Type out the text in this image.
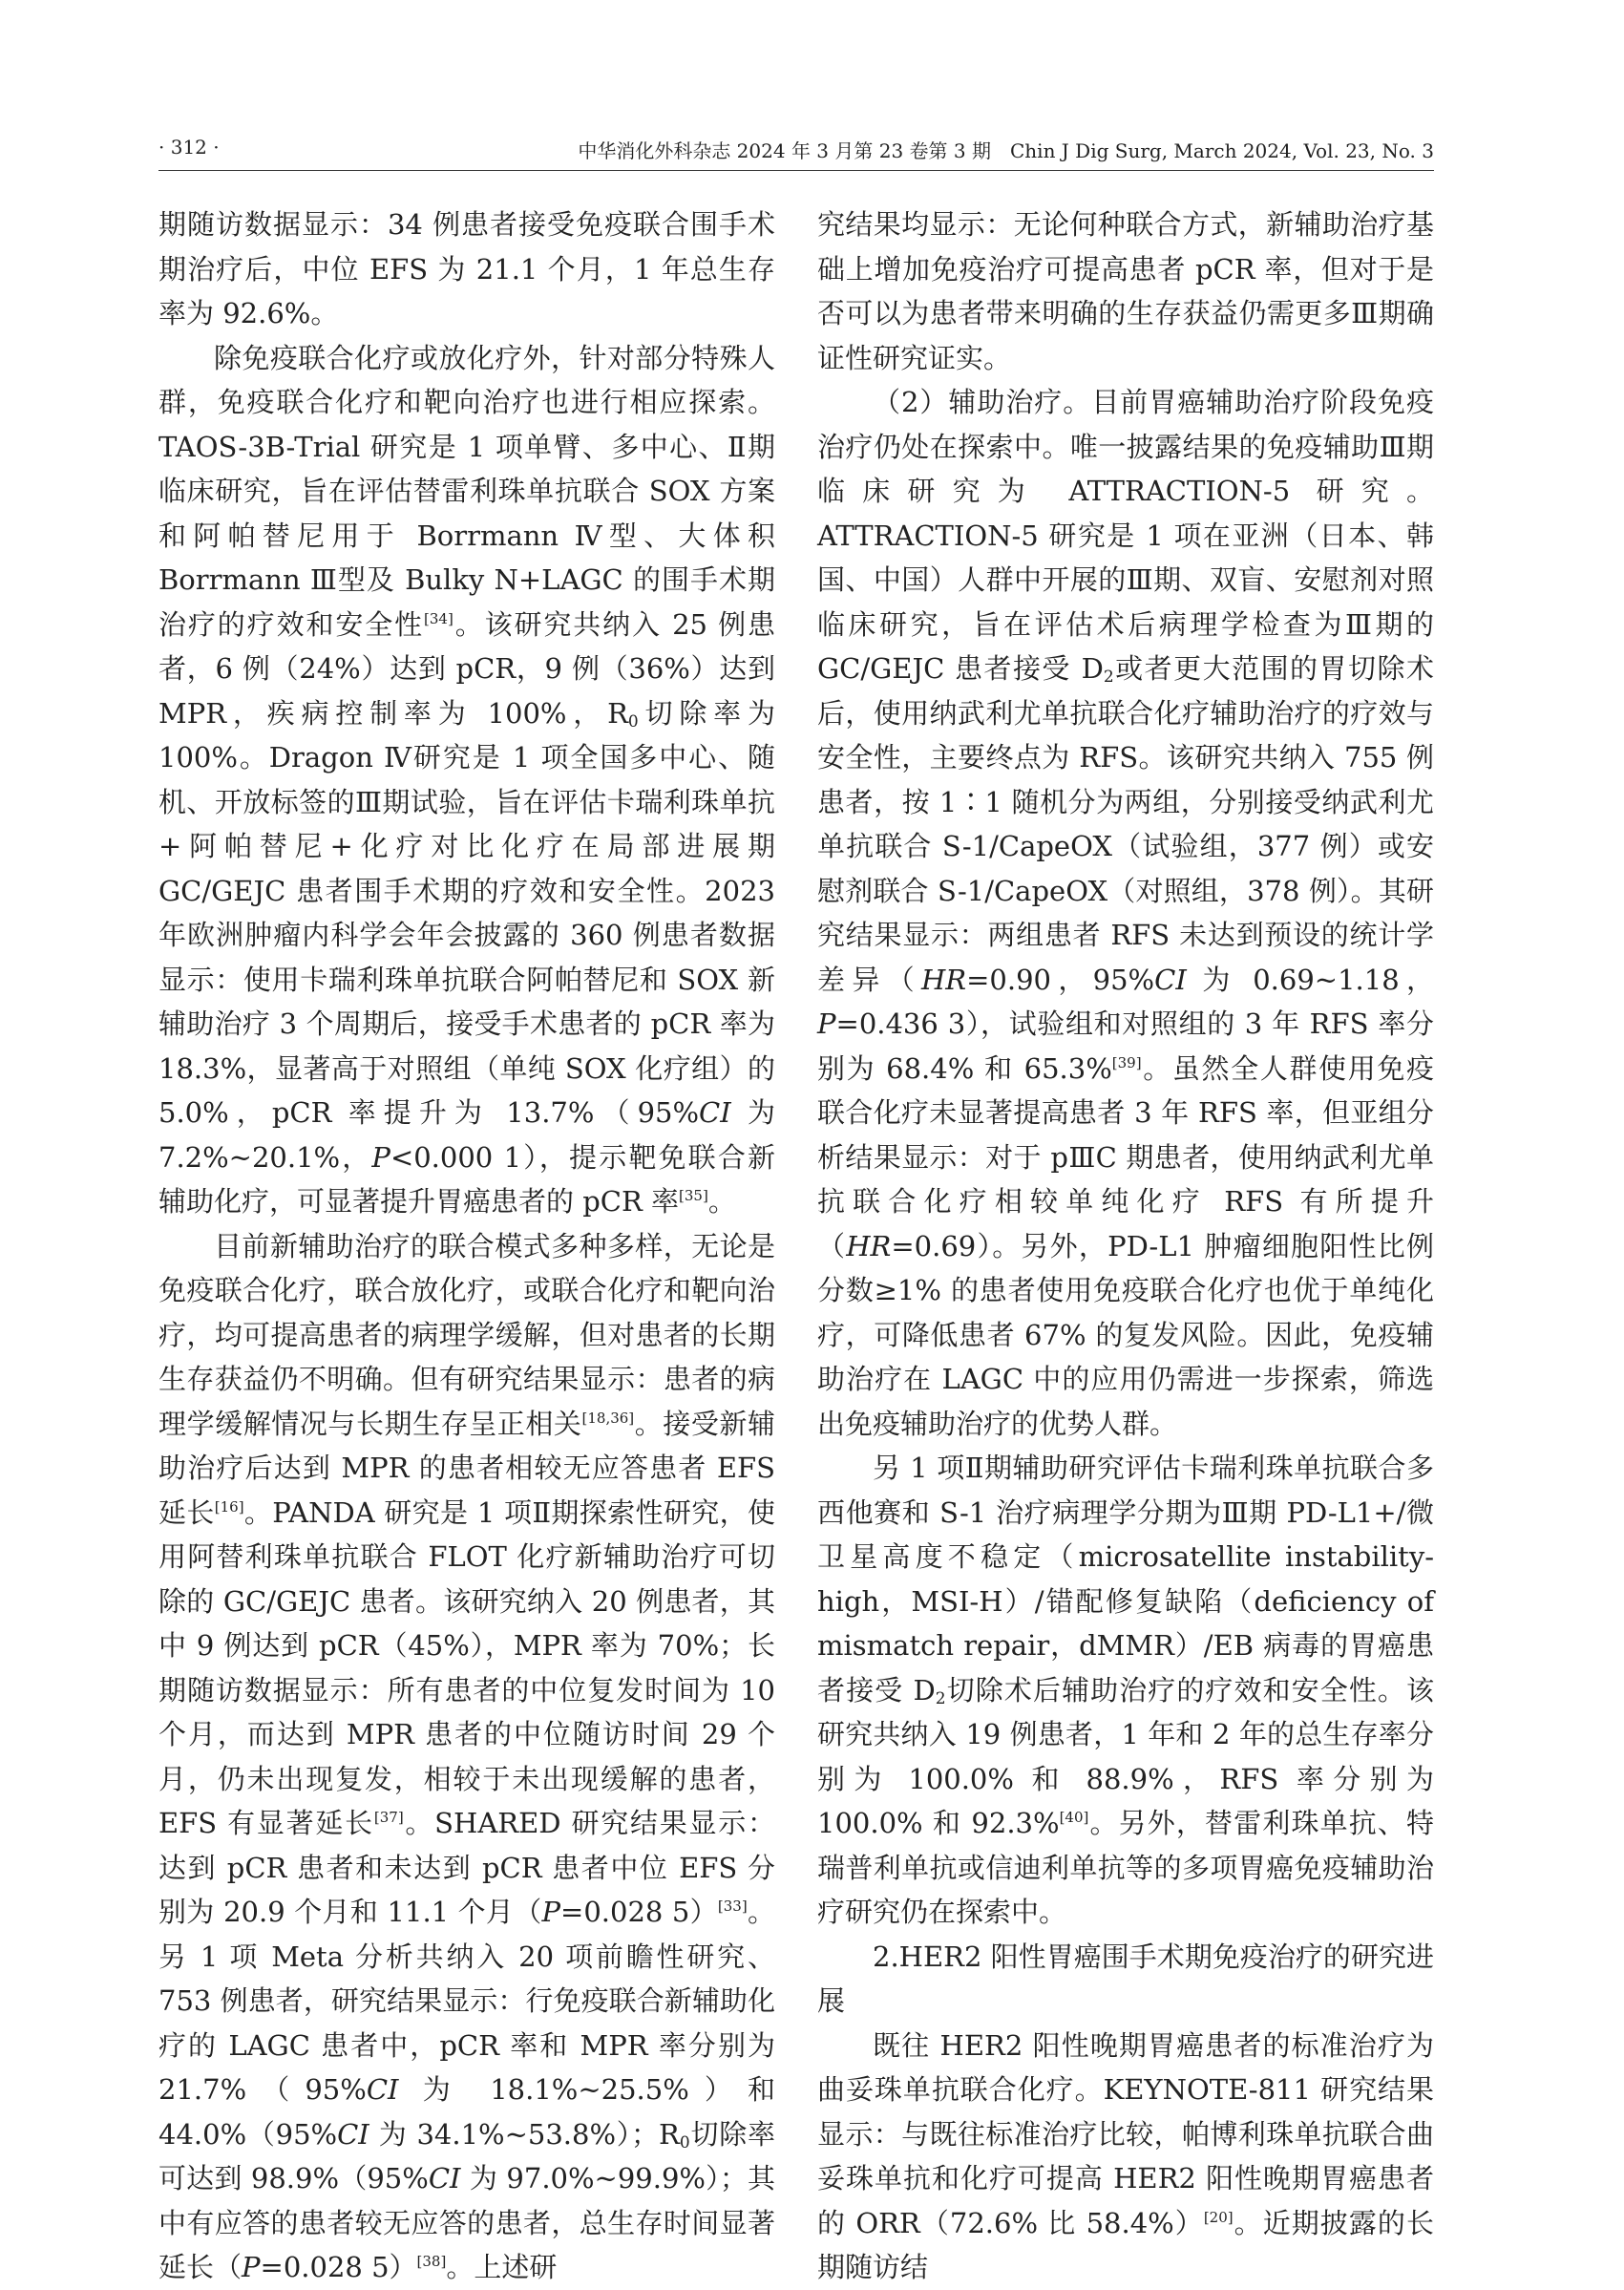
· 312 ·	中华消化外科杂志 2024 年 3 月第 23 卷第 3 期　Chin J Dig Surg, March 2024, Vol. 23, No. 3

期随访数据显示：34 例患者接受免疫联合围手术期治疗后，中位 EFS 为 21.1 个月，1 年总生存率为 92.6%。

除免疫联合化疗或放化疗外，针对部分特殊人群，免疫联合化疗和靶向治疗也进行相应探索。TAOS-3B-Trial 研究是 1 项单臂、多中心、Ⅱ期临床研究，旨在评估替雷利珠单抗联合 SOX 方案和阿帕替尼用于 Borrmann Ⅳ型、大体积 Borrmann Ⅲ型及 Bulky N+LAGC 的围手术期治疗的疗效和安全性[34]。该研究共纳入 25 例患者，6 例（24%）达到 pCR，9 例（36%）达到 MPR，疾病控制率为 100%，$R_0$切除率为 100%。Dragon Ⅳ研究是 1 项全国多中心、随机、开放标签的Ⅲ期试验，旨在评估卡瑞利珠单抗+阿帕替尼+化疗对比化疗在局部进展期 GC/GEJC 患者围手术期的疗效和安全性。2023 年欧洲肿瘤内科学会年会披露的 360 例患者数据显示：使用卡瑞利珠单抗联合阿帕替尼和 SOX 新辅助治疗 3 个周期后，接受手术患者的 pCR 率为 18.3%，显著高于对照组（单纯 SOX 化疗组）的 5.0%，pCR 率提升为 13.7%（95%CI 为 7.2%~20.1%，P<0.000 1），提示靶免联合新辅助化疗，可显著提升胃癌患者的 pCR 率[35]。

目前新辅助治疗的联合模式多种多样，无论是免疫联合化疗，联合放化疗，或联合化疗和靶向治疗，均可提高患者的病理学缓解，但对患者的长期生存获益仍不明确。但有研究结果显示：患者的病理学缓解情况与长期生存呈正相关[18,36]。接受新辅助治疗后达到 MPR 的患者相较无应答患者 EFS 延长[16]。PANDA 研究是 1 项Ⅱ期探索性研究，使用阿替利珠单抗联合 FLOT 化疗新辅助治疗可切除的 GC/GEJC 患者。该研究纳入 20 例患者，其中 9 例达到 pCR（45%），MPR 率为 70%；长期随访数据显示：所有患者的中位复发时间为 10 个月，而达到 MPR 患者的中位随访时间 29 个月，仍未出现复发，相较于未出现缓解的患者，EFS 有显著延长[37]。SHARED 研究结果显示：达到 pCR 患者和未达到 pCR 患者中位 EFS 分别为 20.9 个月和 11.1 个月（P=0.028 5）[33]。另 1 项 Meta 分析共纳入 20 项前瞻性研究、753 例患者，研究结果显示：行免疫联合新辅助化疗的 LAGC 患者中，pCR 率和 MPR 率分别为 21.7%（95%CI 为 18.1%~25.5%）和 44.0%（95%CI 为 34.1%~53.8%）；$R_0$切除率可达到 98.9%（95%CI 为 97.0%~99.9%）；其中有应答的患者较无应答的患者，总生存时间显著延长（P=0.028 5）[38]。上述研

究结果均显示：无论何种联合方式，新辅助治疗基础上增加免疫治疗可提高患者 pCR 率，但对于是否可以为患者带来明确的生存获益仍需更多Ⅲ期确证性研究证实。

（2）辅助治疗。目前胃癌辅助治疗阶段免疫治疗仍处在探索中。唯一披露结果的免疫辅助Ⅲ期临床研究为 ATTRACTION-5 研究。ATTRACTION-5 研究是 1 项在亚洲（日本、韩国、中国）人群中开展的Ⅲ期、双盲、安慰剂对照临床研究，旨在评估术后病理学检查为Ⅲ期的 GC/GEJC 患者接受 $D_2$或者更大范围的胃切除术后，使用纳武利尤单抗联合化疗辅助治疗的疗效与安全性，主要终点为 RFS。该研究共纳入 755 例患者，按 1∶1 随机分为两组，分别接受纳武利尤单抗联合 S-1/CapeOX（试验组，377 例）或安慰剂联合 S-1/CapeOX（对照组，378 例）。其研究结果显示：两组患者 RFS 未达到预设的统计学差异（HR=0.90，95%CI 为 0.69~1.18，P=0.436 3），试验组和对照组的 3 年 RFS 率分别为 68.4% 和 65.3%[39]。虽然全人群使用免疫联合化疗未显著提高患者 3 年 RFS 率，但亚组分析结果显示：对于 pⅢC 期患者，使用纳武利尤单抗联合化疗相较单纯化疗 RFS 有所提升（HR=0.69）。另外，PD-L1 肿瘤细胞阳性比例分数≥1% 的患者使用免疫联合化疗也优于单纯化疗，可降低患者 67% 的复发风险。因此，免疫辅助治疗在 LAGC 中的应用仍需进一步探索，筛选出免疫辅助治疗的优势人群。

另 1 项Ⅱ期辅助研究评估卡瑞利珠单抗联合多西他赛和 S-1 治疗病理学分期为Ⅲ期 PD-L1+/微卫星高度不稳定（microsatellite instability-high，MSI-H）/错配修复缺陷（deficiency of mismatch repair，dMMR）/EB 病毒的胃癌患者接受 $D_2$切除术后辅助治疗的疗效和安全性。该研究共纳入 19 例患者，1 年和 2 年的总生存率分别为 100.0% 和 88.9%，RFS 率分别为 100.0% 和 92.3%[40]。另外，替雷利珠单抗、特瑞普利单抗或信迪利单抗等的多项胃癌免疫辅助治疗研究仍在探索中。

2.HER2 阳性胃癌围手术期免疫治疗的研究进展

既往 HER2 阳性晚期胃癌患者的标准治疗为曲妥珠单抗联合化疗。KEYNOTE-811 研究结果显示：与既往标准治疗比较，帕博利珠单抗联合曲妥珠单抗和化疗可提高 HER2 阳性晚期胃癌患者的 ORR（72.6% 比 58.4%）[20]。近期披露的长期随访结
